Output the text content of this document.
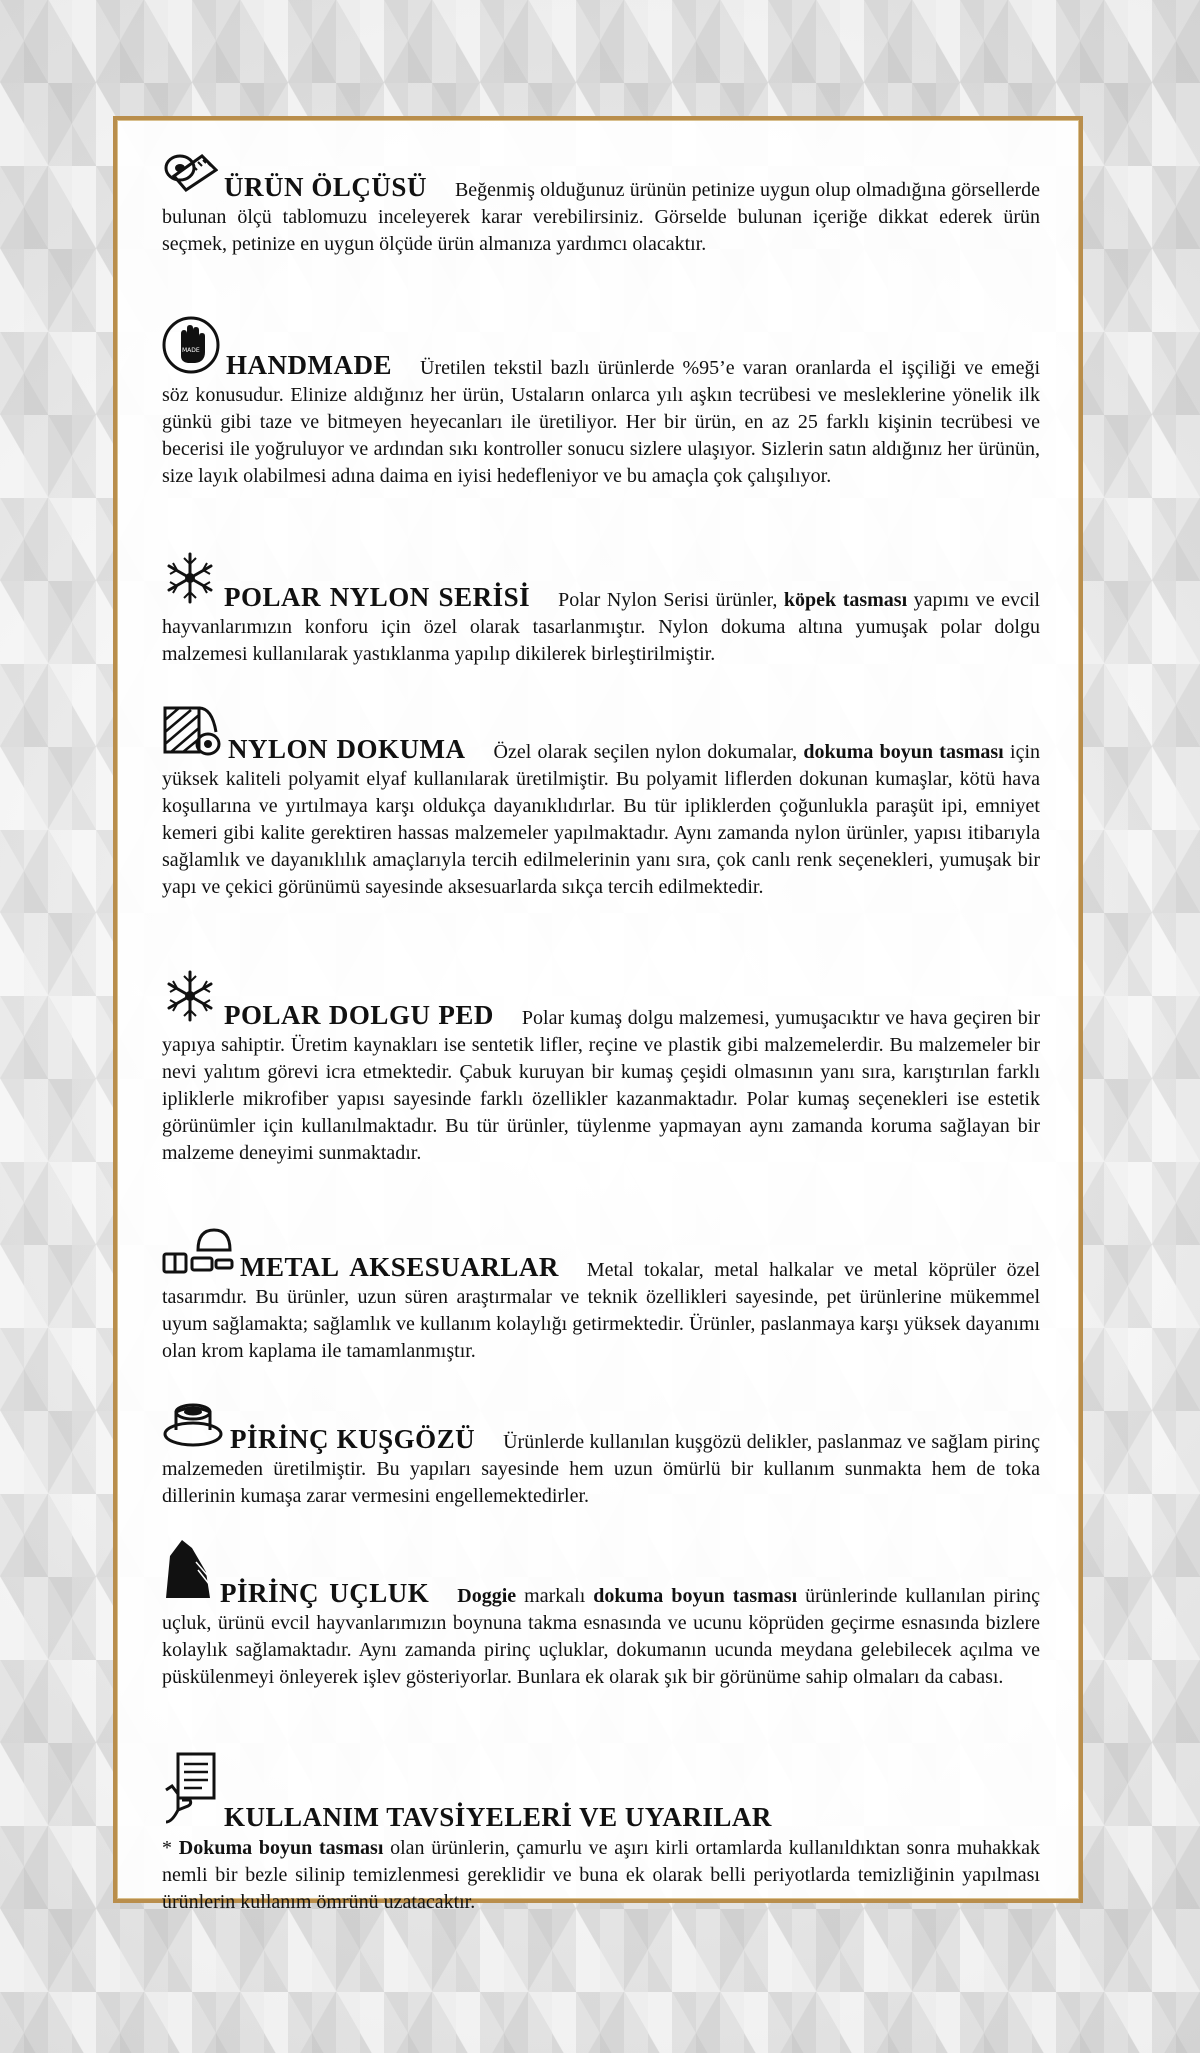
ÜRÜN ÖLÇÜSÜ Beğenmiş olduğunuz ürünün petinize uygun olup olmadığına görsellerde bulunan ölçü tablomuzu inceleyerek karar verebilirsiniz. Görselde bulunan içeriğe dikkat ederek ürün seçmek, petinize en uygun ölçüde ürün almanıza yardımcı olacaktır.

MADE HANDMADE Üretilen tekstil bazlı ürünlerde %95’e varan oranlarda el işçiliği ve emeği söz konusudur. Elinize aldığınız her ürün, Ustaların onlarca yılı aşkın tecrübesi ve mesleklerine yönelik ilk günkü gibi taze ve bitmeyen heyecanları ile üretiliyor. Her bir ürün, en az 25 farklı kişinin tecrübesi ve becerisi ile yoğruluyor ve ardından sıkı kontroller sonucu sizlere ulaşıyor. Sizlerin satın aldığınız her ürünün, size layık olabilmesi adına daima en iyisi hedefleniyor ve bu amaçla çok çalışılıyor.

POLAR NYLON SERİSİ Polar Nylon Serisi ürünler, köpek tasması yapımı ve evcil hayvanlarımızın konforu için özel olarak tasarlanmıştır. Nylon dokuma altına yumuşak polar dolgu malzemesi kullanılarak yastıklanma yapılıp dikilerek birleştirilmiştir.

NYLON DOKUMA Özel olarak seçilen nylon dokumalar, dokuma boyun tasması için yüksek kaliteli polyamit elyaf kullanılarak üretilmiştir. Bu polyamit liflerden dokunan kumaşlar, kötü hava koşullarına ve yırtılmaya karşı oldukça dayanıklıdırlar. Bu tür ipliklerden çoğunlukla paraşüt ipi, emniyet kemeri gibi kalite gerektiren hassas malzemeler yapılmaktadır. Aynı zamanda nylon ürünler, yapısı itibarıyla sağlamlık ve dayanıklılık amaçlarıyla tercih edilmelerinin yanı sıra, çok canlı renk seçenekleri, yumuşak bir yapı ve çekici görünümü sayesinde aksesuarlarda sıkça tercih edilmektedir.

POLAR DOLGU PED Polar kumaş dolgu malzemesi, yumuşacıktır ve hava geçiren bir yapıya sahiptir. Üretim kaynakları ise sentetik lifler, reçine ve plastik gibi malzemelerdir. Bu malzemeler bir nevi yalıtım görevi icra etmektedir. Çabuk kuruyan bir kumaş çeşidi olmasının yanı sıra, karıştırılan farklı ipliklerle mikrofiber yapısı sayesinde farklı özellikler kazanmaktadır. Polar kumaş seçenekleri ise estetik görünümler için kullanılmaktadır. Bu tür ürünler, tüylenme yapmayan aynı zamanda koruma sağlayan bir malzeme deneyimi sunmaktadır.

METAL AKSESUARLAR Metal tokalar, metal halkalar ve metal köprüler özel tasarımdır. Bu ürünler, uzun süren araştırmalar ve teknik özellikleri sayesinde, pet ürünlerine mükemmel uyum sağlamakta; sağlamlık ve kullanım kolaylığı getirmektedir. Ürünler, paslanmaya karşı yüksek dayanımı olan krom kaplama ile tamamlanmıştır.

PİRİNÇ KUŞGÖZÜ Ürünlerde kullanılan kuşgözü delikler, paslanmaz ve sağlam pirinç malzemeden üretilmiştir. Bu yapıları sayesinde hem uzun ömürlü bir kullanım sunmakta hem de toka dillerinin kumaşa zarar vermesini engellemektedirler.

PİRİNÇ UÇLUK Doggie markalı dokuma boyun tasması ürünlerinde kullanılan pirinç uçluk, ürünü evcil hayvanlarımızın boynuna takma esnasında ve ucunu köprüden geçirme esnasında bizlere kolaylık sağlamaktadır. Aynı zamanda pirinç uçluklar, dokumanın ucunda meydana gelebilecek açılma ve püskülenmeyi önleyerek işlev gösteriyorlar. Bunlara ek olarak şık bir görünüme sahip olmaları da cabası.

KULLANIM TAVSİYELERİ VE UYARILAR

* Dokuma boyun tasması olan ürünlerin, çamurlu ve aşırı kirli ortamlarda kullanıldıktan sonra muhakkak nemli bir bezle silinip temizlenmesi gereklidir ve buna ek olarak belli periyotlarda temizliğinin yapılması ürünlerin kullanım ömrünü uzatacaktır.
